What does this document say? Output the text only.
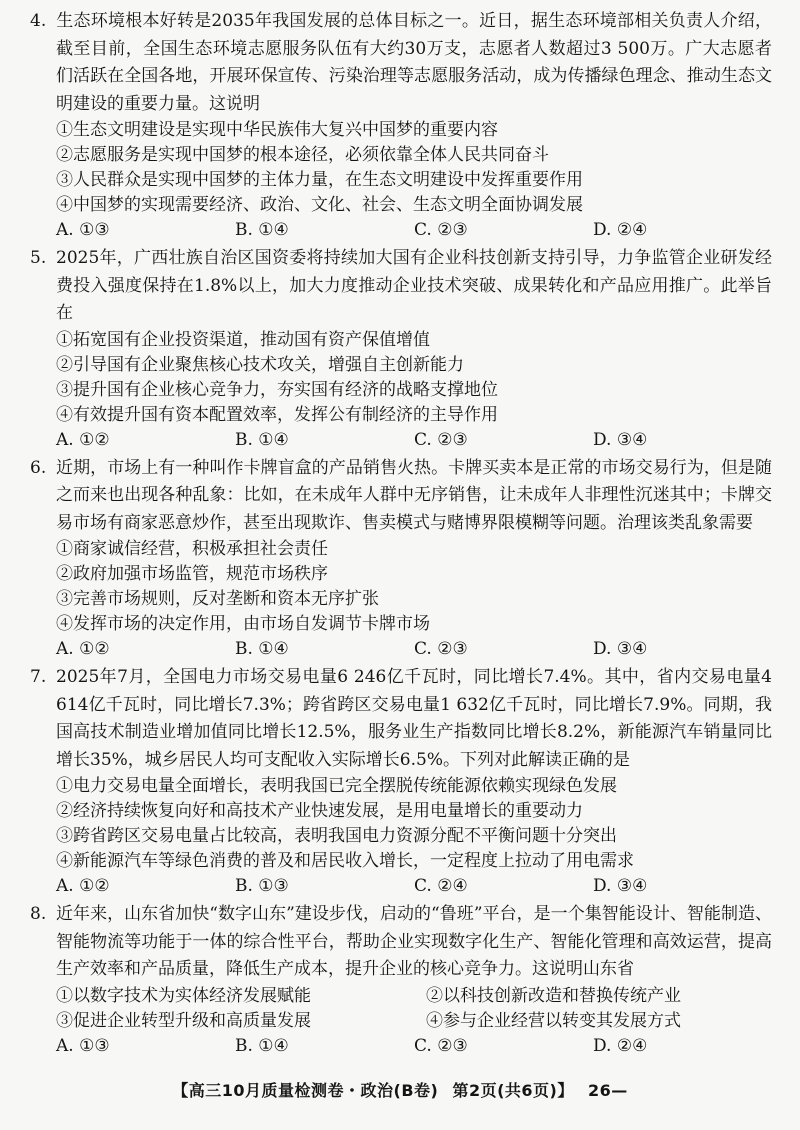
4. 生态环境根本好转是2035年我国发展的总体目标之一。近日，据生态环境部相关负责人介绍，截至目前，全国生态环境志愿服务队伍有大约30万支，志愿者人数超过3 500万。广大志愿者们活跃在全国各地，开展环保宣传、污染治理等志愿服务活动，成为传播绿色理念、推动生态文明建设的重要力量。这说明

①生态文明建设是实现中华民族伟大复兴中国梦的重要内容

②志愿服务是实现中国梦的根本途径，必须依靠全体人民共同奋斗

③人民群众是实现中国梦的主体力量，在生态文明建设中发挥重要作用

④中国梦的实现需要经济、政治、文化、社会、生态文明全面协调发展

A. ①③	B. ①④	C. ②③	D. ②④

5. 2025年，广西壮族自治区国资委将持续加大国有企业科技创新支持引导，力争监管企业研发经费投入强度保持在1.8%以上，加大力度推动企业技术突破、成果转化和产品应用推广。此举旨在

①拓宽国有企业投资渠道，推动国有资产保值增值

②引导国有企业聚焦核心技术攻关，增强自主创新能力

③提升国有企业核心竞争力，夯实国有经济的战略支撑地位

④有效提升国有资本配置效率，发挥公有制经济的主导作用

A. ①②	B. ①④	C. ②③	D. ③④

6. 近期，市场上有一种叫作卡牌盲盒的产品销售火热。卡牌买卖本是正常的市场交易行为，但是随之而来也出现各种乱象：比如，在未成年人群中无序销售，让未成年人非理性沉迷其中；卡牌交易市场有商家恶意炒作，甚至出现欺诈、售卖模式与赌博界限模糊等问题。治理该类乱象需要

①商家诚信经营，积极承担社会责任

②政府加强市场监管，规范市场秩序

③完善市场规则，反对垄断和资本无序扩张

④发挥市场的决定作用，由市场自发调节卡牌市场

A. ①②	B. ①④	C. ②③	D. ③④

7. 2025年7月，全国电力市场交易电量6 246亿千瓦时，同比增长7.4%。其中，省内交易电量4 614亿千瓦时，同比增长7.3%；跨省跨区交易电量1 632亿千瓦时，同比增长7.9%。同期，我国高技术制造业增加值同比增长12.5%，服务业生产指数同比增长8.2%，新能源汽车销量同比增长35%，城乡居民人均可支配收入实际增长6.5%。下列对此解读正确的是

①电力交易电量全面增长，表明我国已完全摆脱传统能源依赖实现绿色发展

②经济持续恢复向好和高技术产业快速发展，是用电量增长的重要动力

③跨省跨区交易电量占比较高，表明我国电力资源分配不平衡问题十分突出

④新能源汽车等绿色消费的普及和居民收入增长，一定程度上拉动了用电需求

A. ①②	B. ①③	C. ②④	D. ③④

8. 近年来，山东省加快“数字山东”建设步伐，启动的“鲁班”平台，是一个集智能设计、智能制造、智能物流等功能于一体的综合性平台，帮助企业实现数字化生产、智能化管理和高效运营，提高生产效率和产品质量，降低生产成本，提升企业的核心竞争力。这说明山东省

①以数字技术为实体经济发展赋能	②以科技创新改造和替换传统产业

③促进企业转型升级和高质量发展	④参与企业经营以转变其发展方式

A. ①③	B. ①④	C. ②③	D. ②④
【高三10月质量检测卷・政治(B卷) 第2页(共6页)】 26—
